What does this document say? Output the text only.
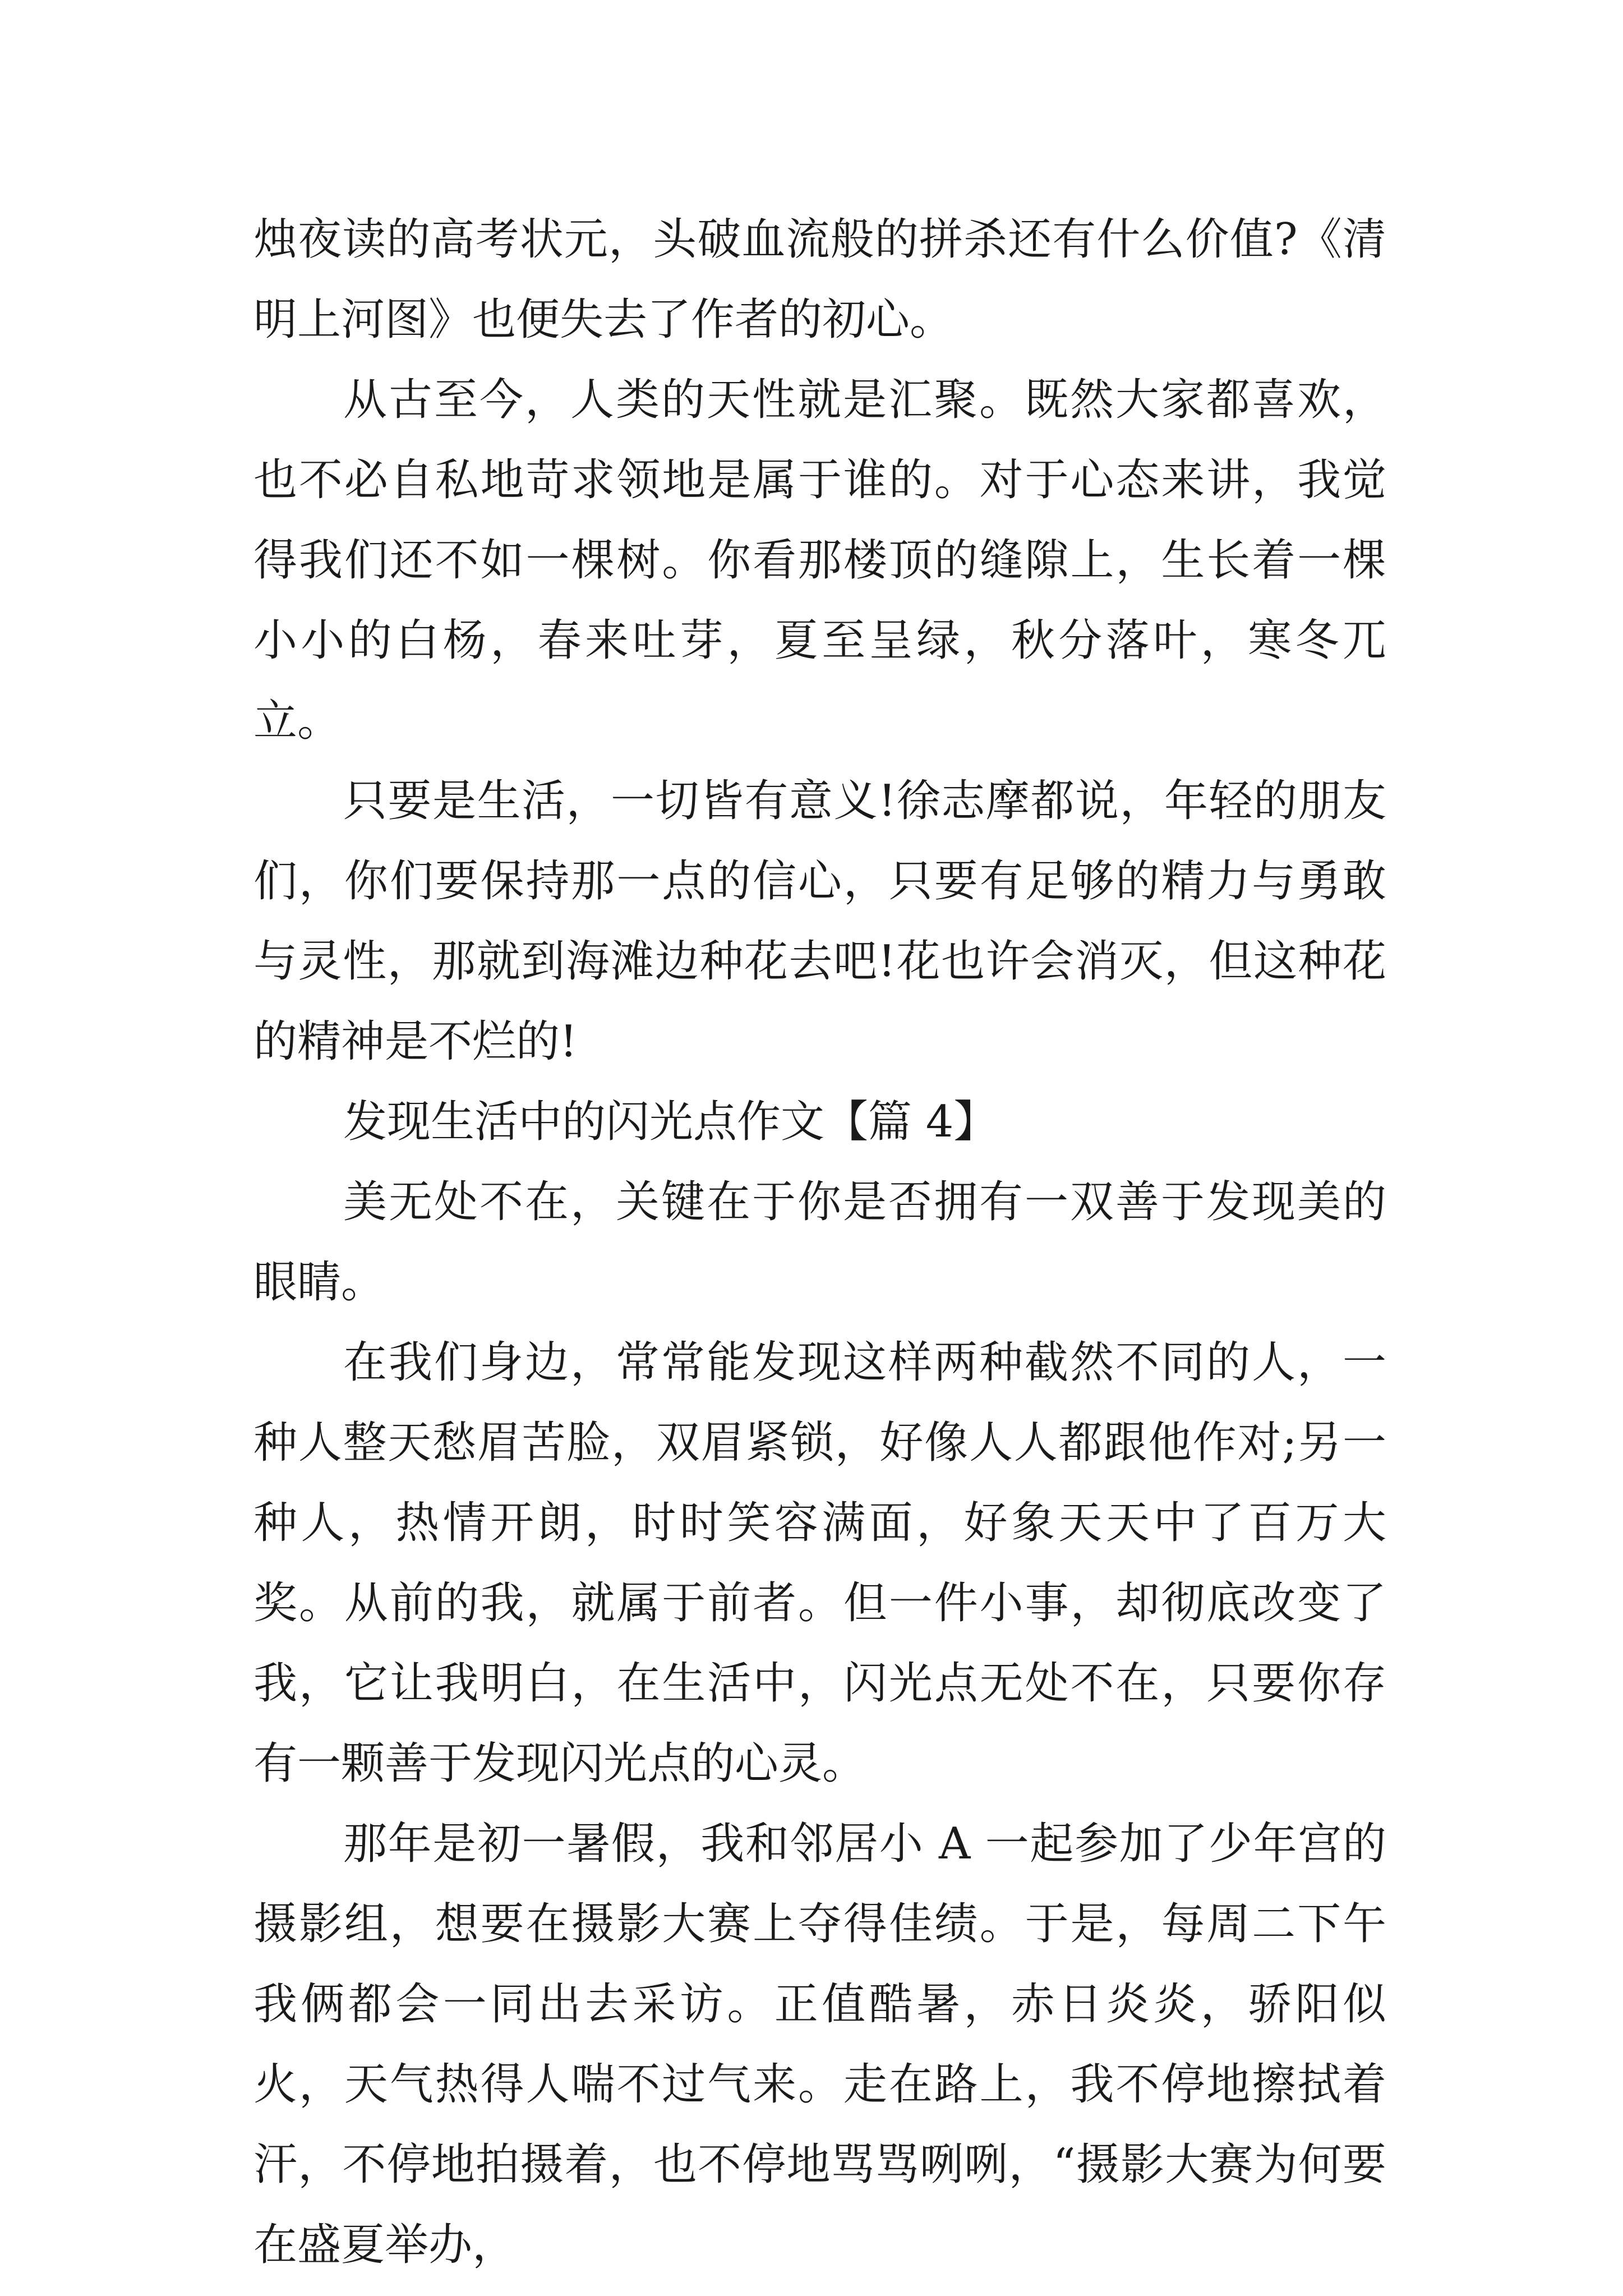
烛夜读的高考状元，头破血流般的拼杀还有什么价值?《清明上河图》也便失去了作者的初心。

从古至今，人类的天性就是汇聚。既然大家都喜欢，也不必自私地苛求领地是属于谁的。对于心态来讲，我觉得我们还不如一棵树。你看那楼顶的缝隙上，生长着一棵小小的白杨，春来吐芽，夏至呈绿，秋分落叶，寒冬兀立。

只要是生活，一切皆有意义!徐志摩都说，年轻的朋友们，你们要保持那一点的信心，只要有足够的精力与勇敢与灵性，那就到海滩边种花去吧!花也许会消灭，但这种花的精神是不烂的!

发现生活中的闪光点作文【篇 4】

美无处不在，关键在于你是否拥有一双善于发现美的眼睛。

在我们身边，常常能发现这样两种截然不同的人，一种人整天愁眉苦脸，双眉紧锁，好像人人都跟他作对;另一种人，热情开朗，时时笑容满面，好象天天中了百万大奖。从前的我，就属于前者。但一件小事，却彻底改变了我，它让我明白，在生活中，闪光点无处不在，只要你存有一颗善于发现闪光点的心灵。

那年是初一暑假，我和邻居小 A 一起参加了少年宫的摄影组，想要在摄影大赛上夺得佳绩。于是，每周二下午我俩都会一同出去采访。正值酷暑，赤日炎炎，骄阳似火，天气热得人喘不过气来。走在路上，我不停地擦拭着汗，不停地拍摄着，也不停地骂骂咧咧，“摄影大赛为何要在盛夏举办，
